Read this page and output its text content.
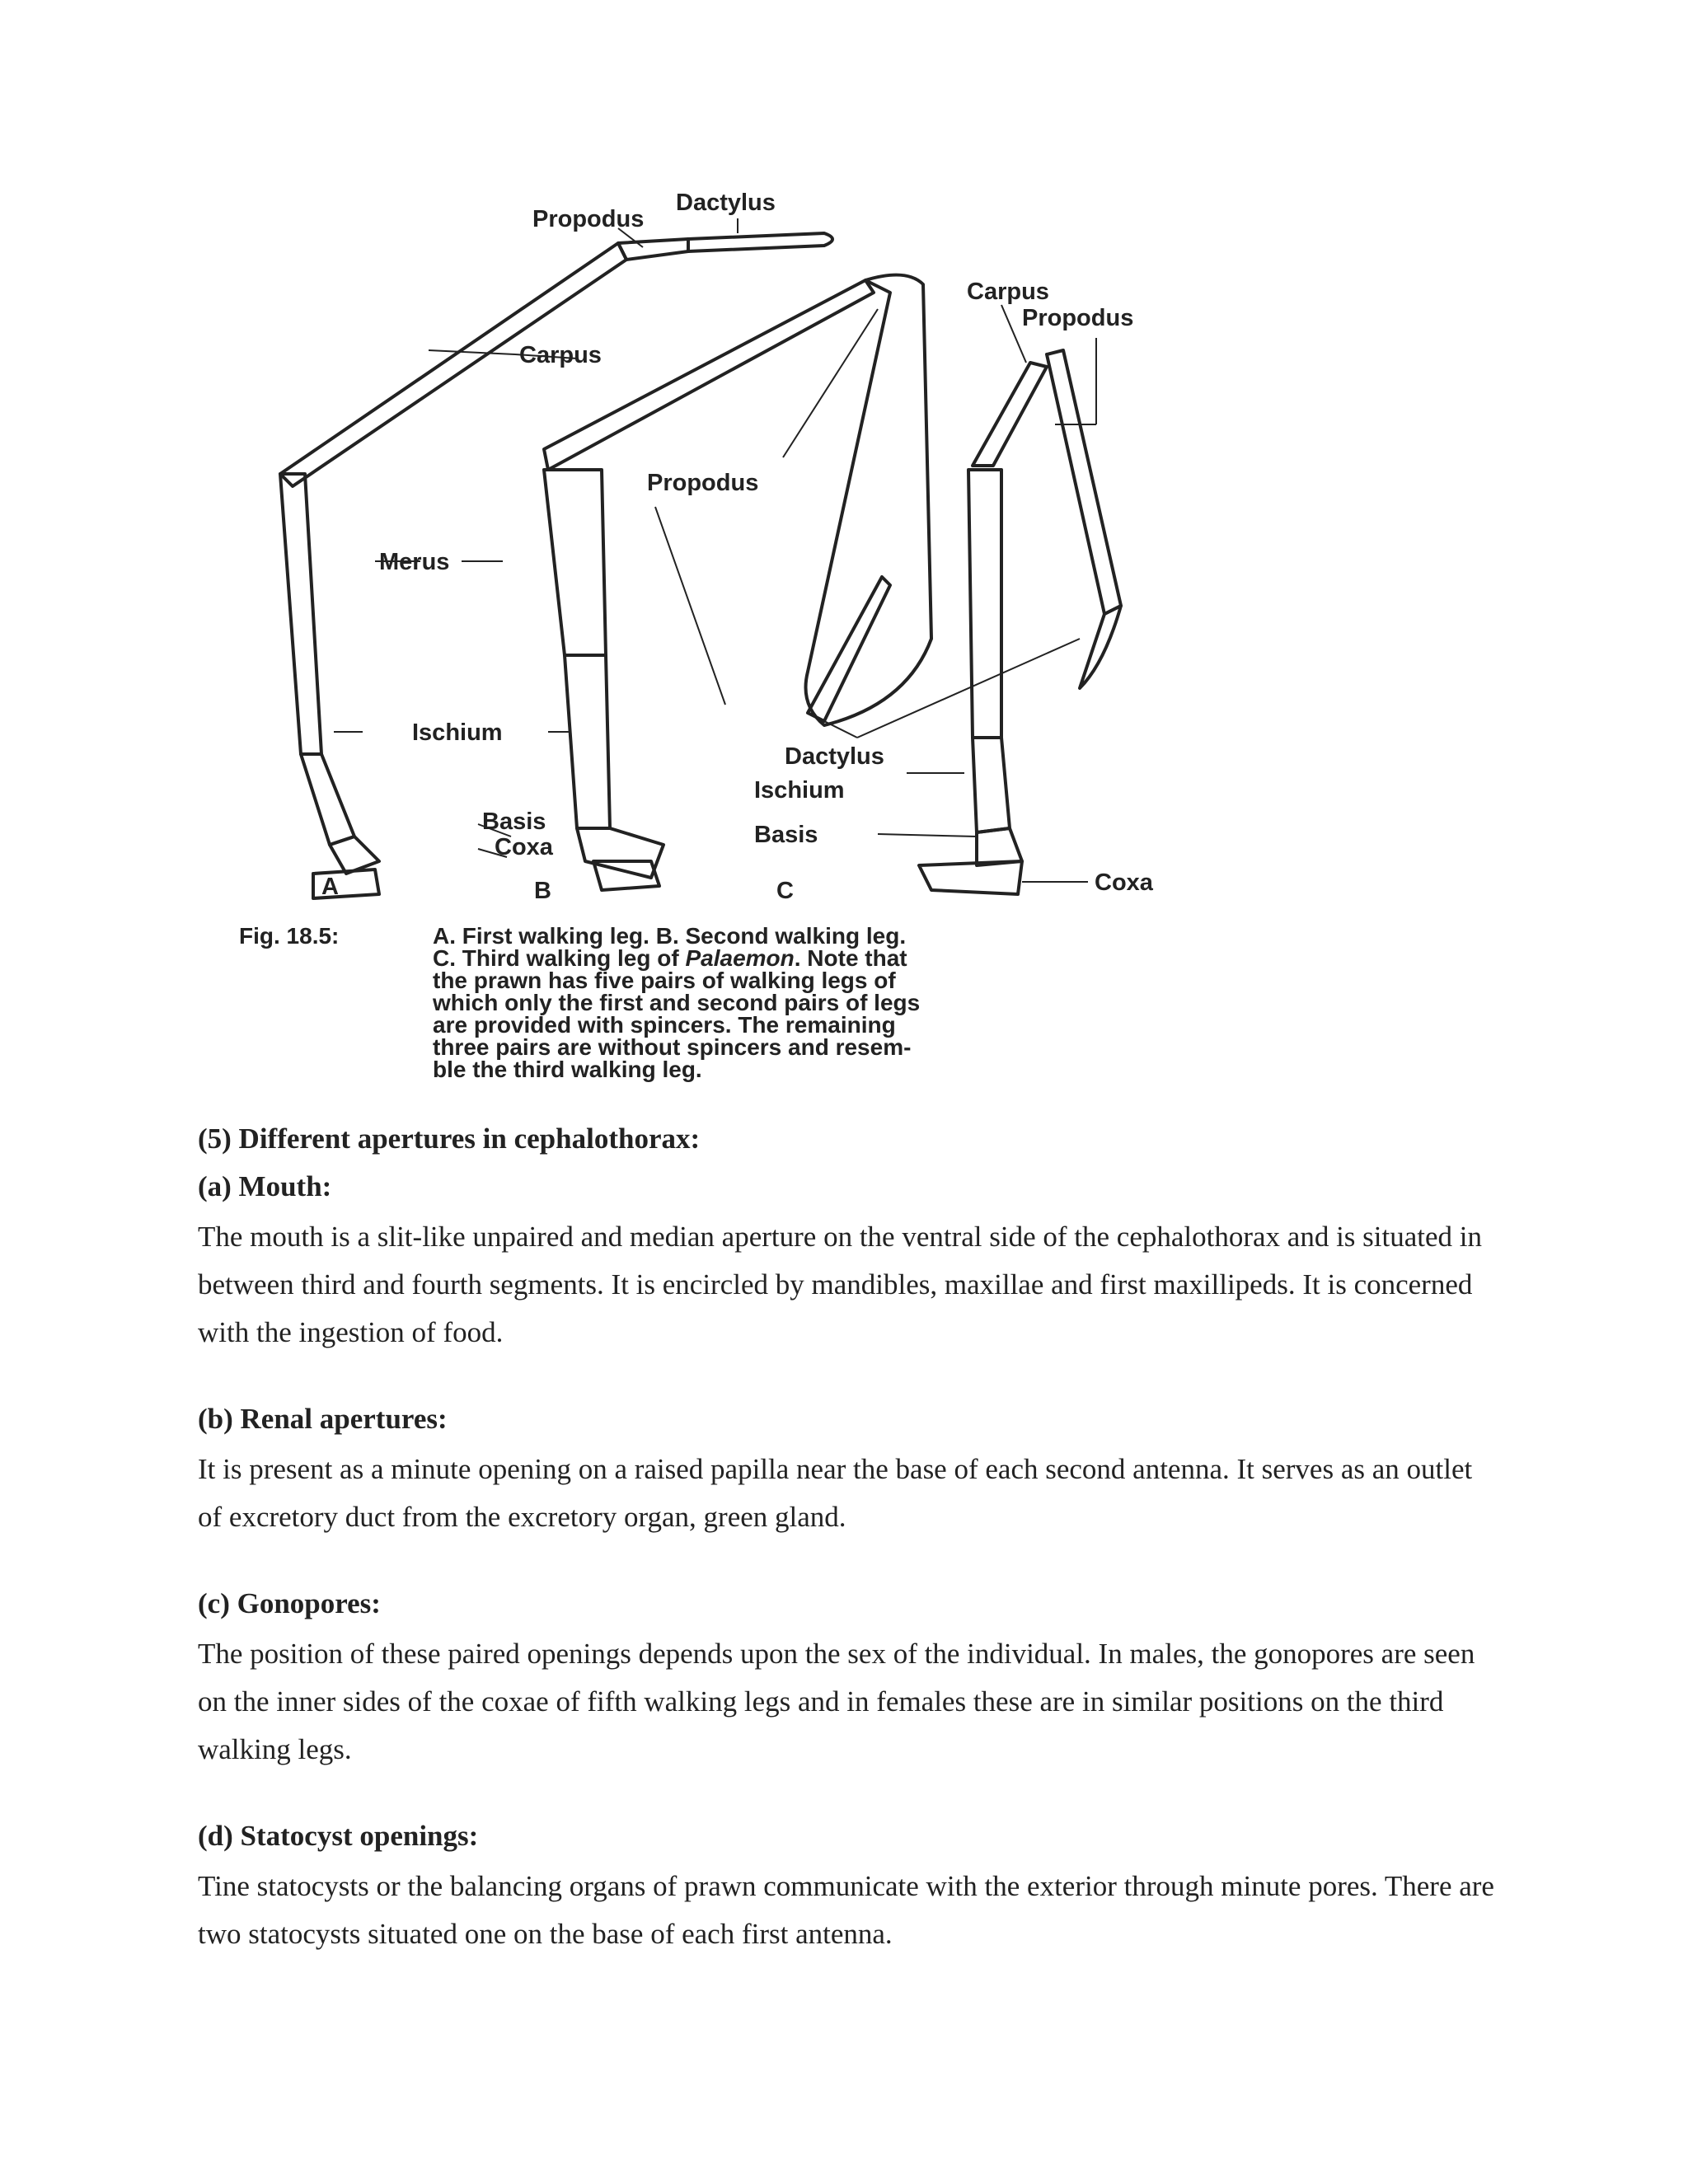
Propodus
Dactylus
Carpus
Carpus
Propodus
Propodus
Merus
Ischium
Dactylus
Ischium
Basis
Coxa	Basis
Coxa
A	B	C
Fig. 18.5:	A. First walking leg. B. Second walking leg.
C. Third walking leg of Palaemon. Note that
the prawn has five pairs of walking legs of
which only the first and second pairs of legs
are provided with spincers. The remaining
three pairs are without spincers and resem-
ble the third walking leg.
(5) Different apertures in cephalothorax:
(a) Mouth:

The mouth is a slit-like unpaired and median aperture on the ventral side of the cephalothorax and is situated in between third and fourth segments. It is encircled by mandibles, maxillae and first maxillipeds. It is concerned with the ingestion of food.

(b) Renal apertures:

It is present as a minute opening on a raised papilla near the base of each second antenna. It serves as an outlet of excretory duct from the excretory organ, green gland.

(c) Gonopores:

The position of these paired openings depends upon the sex of the individual. In males, the gonopores are seen on the inner sides of the coxae of fifth walking legs and in females these are in similar positions on the third walking legs.

(d) Statocyst openings:

Tine statocysts or the balancing organs of prawn communicate with the exterior through minute pores. There are two statocysts situated one on the base of each first antenna.
